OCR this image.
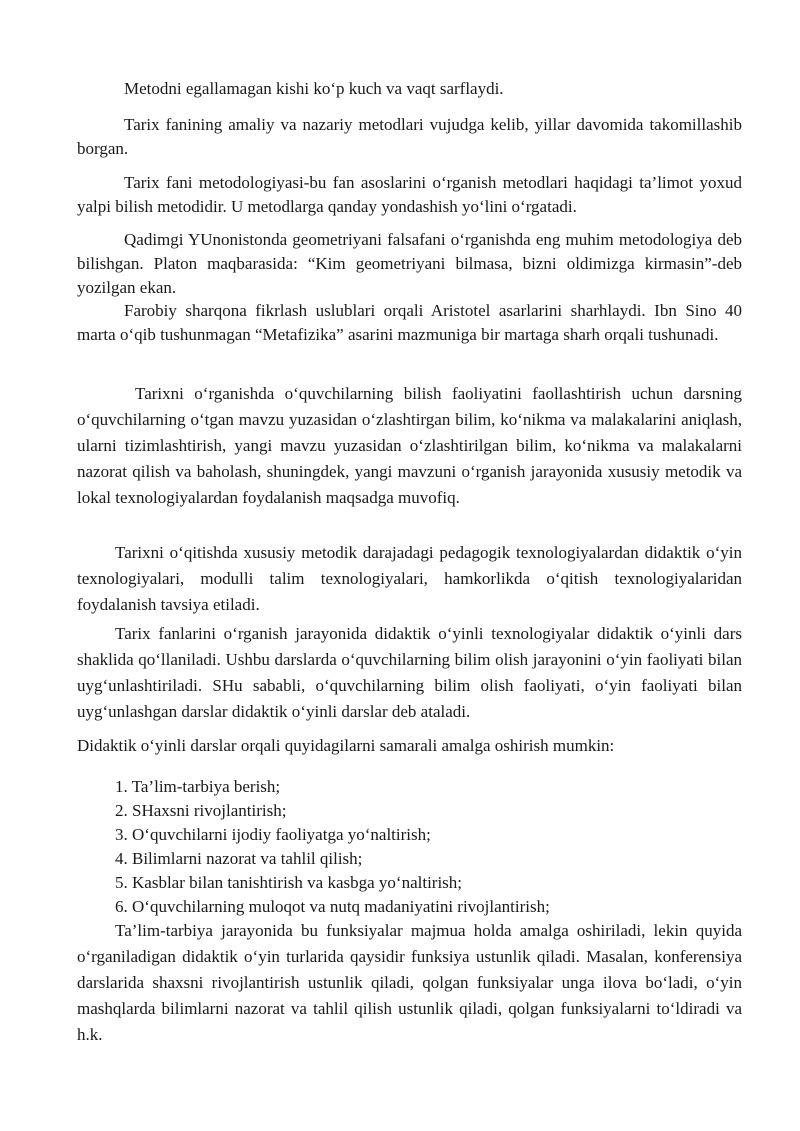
Metodni egallamagan kishi ko‘p kuch va vaqt sarflaydi.

Tarix fanining amaliy va nazariy metodlari vujudga kelib, yillar davomida takomillashib borgan.

Tarix fani metodologiyasi-bu fan asoslarini o‘rganish metodlari haqidagi ta’limot yoxud yalpi bilish metodidir. U metodlarga qanday yondashish yo‘lini o‘rgatadi.

Qadimgi YUnonistonda geometriyani falsafani o‘rganishda eng muhim metodologiya deb bilishgan. Platon maqbarasida: “Kim geometriyani bilmasa, bizni oldimizga kirmasin”-deb yozilgan ekan.

Farobiy sharqona fikrlash uslublari orqali Aristotel asarlarini sharhlaydi. Ibn Sino 40 marta o‘qib tushunmagan “Metafizika” asarini mazmuniga bir martaga sharh orqali tushunadi.

Tarixni o‘rganishda o‘quvchilarning bilish faoliyatini faollashtirish uchun darsning o‘quvchilarning o‘tgan mavzu yuzasidan o‘zlashtirgan bilim, ko‘nikma va malakalarini aniqlash, ularni tizimlashtirish, yangi mavzu yuzasidan o‘zlashtirilgan bilim, ko‘nikma va malakalarni nazorat qilish va baholash, shuningdek, yangi mavzuni o‘rganish jarayonida xususiy metodik va lokal texnologiyalardan foydalanish maqsadga muvofiq.

Tarixni o‘qitishda xususiy metodik darajadagi pedagogik texnologiyalardan didaktik o‘yin texnologiyalari, modulli talim texnologiyalari, hamkorlikda o‘qitish texnologiyalaridan foydalanish tavsiya etiladi.

Tarix fanlarini o‘rganish jarayonida didaktik o‘yinli texnologiyalar didaktik o‘yinli dars shaklida qo‘llaniladi. Ushbu darslarda o‘quvchilarning bilim olish jarayonini o‘yin faoliyati bilan uyg‘unlashtiriladi. SHu sababli, o‘quvchilarning bilim olish faoliyati, o‘yin faoliyati bilan uyg‘unlashgan darslar didaktik o‘yinli darslar deb ataladi.

Didaktik o‘yinli darslar orqali quyidagilarni samarali amalga oshirish mumkin:

1. Ta’lim-tarbiya berish;
2. SHaxsni rivojlantirish;
3. O‘quvchilarni ijodiy faoliyatga yo‘naltirish;
4. Bilimlarni nazorat va tahlil qilish;
5. Kasblar bilan tanishtirish va kasbga yo‘naltirish;
6. O‘quvchilarning muloqot va nutq madaniyatini rivojlantirish;

Ta’lim-tarbiya jarayonida bu funksiyalar majmua holda amalga oshiriladi, lekin quyida o‘rganiladigan didaktik o‘yin turlarida qaysidir funksiya ustunlik qiladi. Masalan, konferensiya darslarida shaxsni rivojlantirish ustunlik qiladi, qolgan funksiyalar unga ilova bo‘ladi, o‘yin mashqlarda bilimlarni nazorat va tahlil qilish ustunlik qiladi, qolgan funksiyalarni to‘ldiradi va h.k.
